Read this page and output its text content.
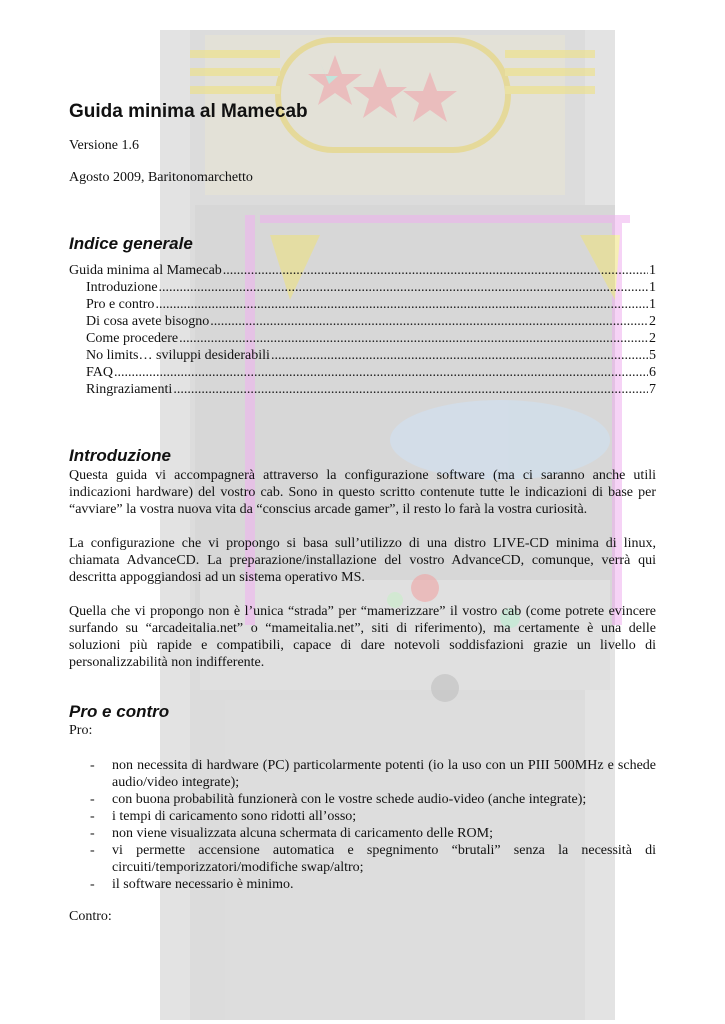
Guida minima al Mamecab

Versione 1.6

Agosto 2009, Baritonomarchetto

Indice generale
Guida minima al Mamecab .....	1
Introduzione .....	1
Pro e contro .....	1
Di cosa avete bisogno .....	2
Come procedere .....	2
No limits… sviluppi desiderabili .....	5
FAQ .....	6
Ringraziamenti .....	7
Introduzione

Questa guida vi accompagnerà attraverso la configurazione software (ma ci saranno anche utili indicazioni hardware) del vostro cab. Sono in questo scritto contenute tutte le indicazioni di base per “avviare” la vostra nuova vita da “conscius arcade gamer”, il resto lo farà la vostra curiosità.

La configurazione che vi propongo si basa sull’utilizzo di una distro LIVE-CD minima di linux, chiamata AdvanceCD. La preparazione/installazione del vostro AdvanceCD, comunque, verrà qui descritta appoggiandosi ad un sistema operativo MS.

Quella che vi propongo non è l’unica “strada” per “mamerizzare” il vostro cab (come potrete evincere surfando su “arcadeitalia.net” o “mameitalia.net”, siti di riferimento), ma certamente è una delle soluzioni più rapide e compatibili, capace di dare notevoli soddisfazioni grazie un livello di personalizzabilità non indifferente.

Pro e contro

Pro:

- non necessita di hardware (PC) particolarmente potenti (io la uso con un PIII 500MHz e schede audio/video integrate);
- con buona probabilità funzionerà con le vostre schede audio-video (anche integrate);
- i tempi di caricamento sono ridotti all’osso;
- non viene visualizzata alcuna schermata di caricamento delle ROM;
- vi permette accensione automatica e spegnimento “brutali” senza la necessità di circuiti/temporizzatori/modifiche swap/altro;
- il software necessario è minimo.

Contro:
